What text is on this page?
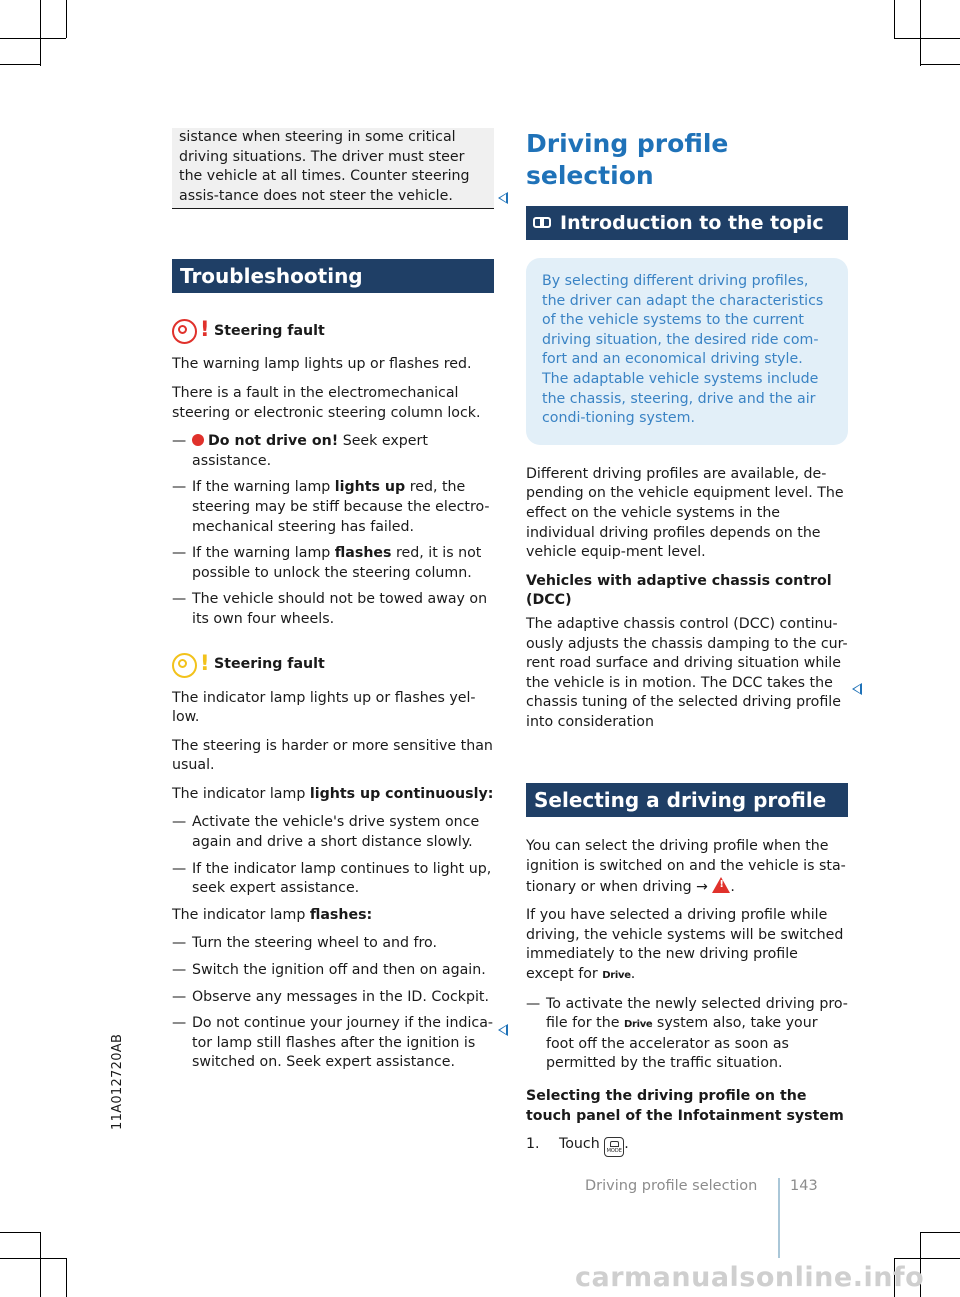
sistance when steering in some critical driving situations. The driver must steer the vehicle at all times. Counter steering assis-tance does not steer the vehicle.
Troubleshooting
! Steering fault

The warning lamp lights up or flashes red.

There is a fault in the electromechanical steering or electronic steering column lock.

— Do not drive on! Seek expert assistance.
— If the warning lamp lights up red, the steering may be stiff because the electro-mechanical steering has failed.
— If the warning lamp flashes red, it is not possible to unlock the steering column.
— The vehicle should not be towed away on its own four wheels.
! Steering fault

The indicator lamp lights up or flashes yel-low.

The steering is harder or more sensitive than usual.

The indicator lamp lights up continuously:

— Activate the vehicle's drive system once again and drive a short distance slowly.
— If the indicator lamp continues to light up, seek expert assistance.

The indicator lamp flashes:

— Turn the steering wheel to and fro.
— Switch the ignition off and then on again.
— Observe any messages in the ID. Cockpit.
— Do not continue your journey if the indica-tor lamp still flashes after the ignition is switched on. Seek expert assistance.
Driving profile selection
Introduction to the topic
By selecting different driving profiles, the driver can adapt the characteristics of the vehicle systems to the current driving situation, the desired ride com-fort and an economical driving style. The adaptable vehicle systems include the chassis, steering, drive and the air condi-tioning system.

Different driving profiles are available, de-pending on the vehicle equipment level. The effect on the vehicle systems in the individual driving profiles depends on the vehicle equip-ment level.

Vehicles with adaptive chassis control (DCC)

The adaptive chassis control (DCC) continu-ously adjusts the chassis damping to the cur-rent road surface and driving situation while the vehicle is in motion. The DCC takes the chassis tuning of the selected driving profile into consideration

Selecting a driving profile

You can select the driving profile when the ignition is switched on and the vehicle is sta-tionary or when driving → ! .

If you have selected a driving profile while driving, the vehicle systems will be switched immediately to the new driving profile except for Drive.

— To activate the newly selected driving pro-file for the Drive system also, take your foot off the accelerator as soon as permitted by the traffic situation.

Selecting the driving profile on the touch panel of the Infotainment system

1. Touch MODE .
11A012720AB
Driving profile selection 143
carmanualsonline.info
